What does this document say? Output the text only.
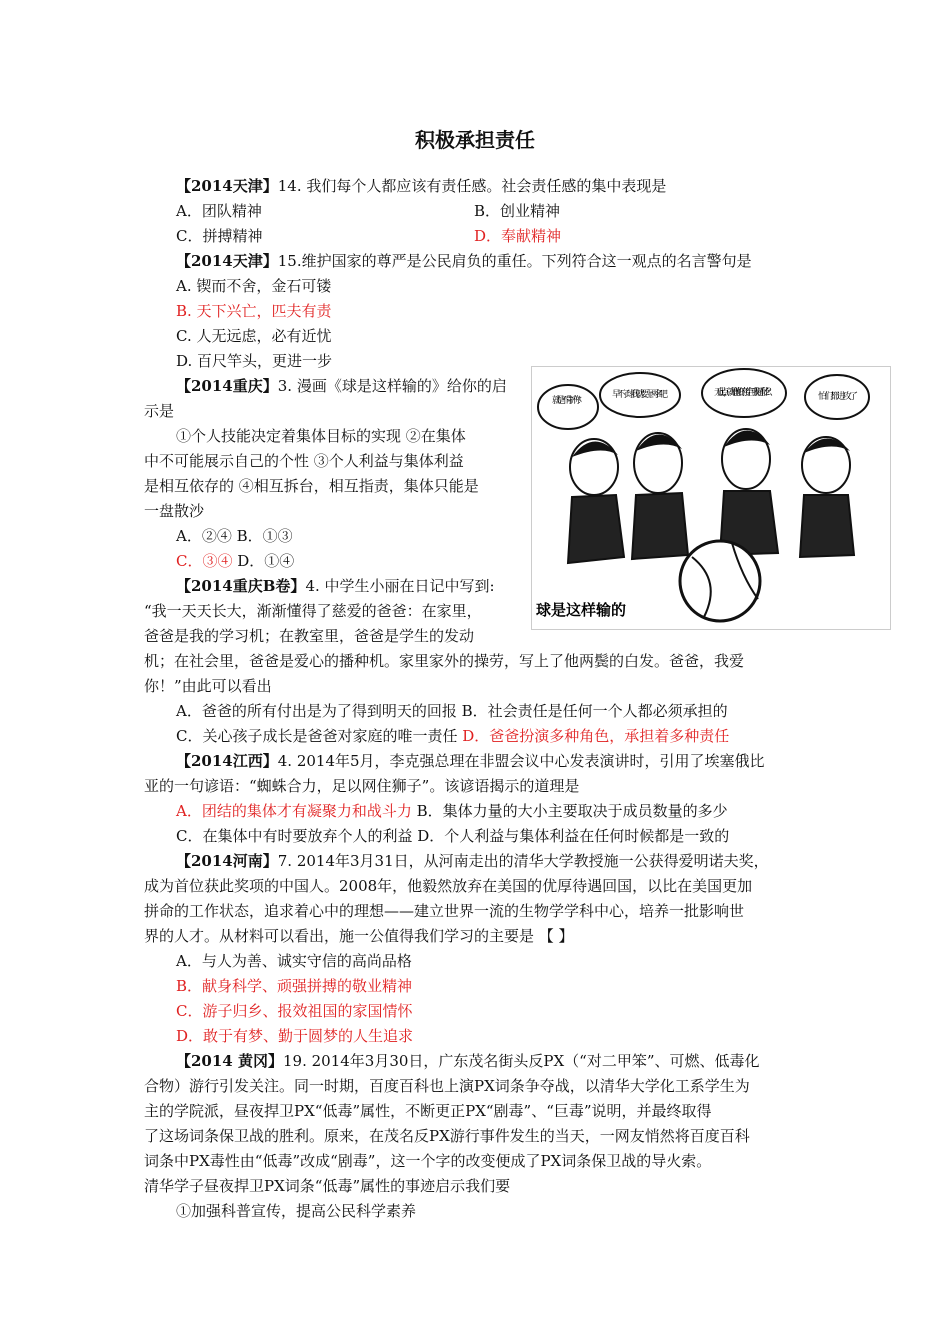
积极承担责任
【2014天津】14. 我们每个人都应该有责任感。社会责任感的集中表现是
A．团队精神	B．创业精神
C．拼搏精神	D．奉献精神
【2014天津】15.维护国家的尊严是公民肩负的重任。下列符合这一观点的名言警句是
A. 锲而不舍，金石可镂
B. 天下兴亡，匹夫有责
C. 人无远虑，必有近忧
D. 百尺竿头，更进一步
【2014重庆】3. 漫画《球是这样输的》给你的启
示是
①个人技能决定着集体目标的实现 ②在集体
中不可能展示自己的个性 ③个人利益与集体利益
是相互依存的 ④相互拆台，相互指责，集体只能是
一盘散沙
A．②④ B．①③
C．③④ D．①④
就是不肯护你！
早不了球我就要上两名吧	无此点，就是他们的传空门我们看什么？	怕们都进攻了
球是这样输的
【2014重庆B卷】4. 中学生小丽在日记中写到:
“我一天天长大，渐渐懂得了慈爱的爸爸：在家里，
爸爸是我的学习机；在教室里，爸爸是学生的发动
机；在社会里，爸爸是爱心的播种机。家里家外的操劳，写上了他两鬓的白发。爸爸，我爱
你！”由此可以看出
A．爸爸的所有付出是为了得到明天的回报 B．社会责任是任何一个人都必须承担的
C．关心孩子成长是爸爸对家庭的唯一责任 D．爸爸扮演多种角色，承担着多种责任
【2014江西】4. 2014年5月，李克强总理在非盟会议中心发表演讲时，引用了埃塞俄比
亚的一句谚语：“蜘蛛合力，足以网住狮子”。该谚语揭示的道理是
A．团结的集体才有凝聚力和战斗力 B．集体力量的大小主要取决于成员数量的多少
C．在集体中有时要放弃个人的利益 D．个人利益与集体利益在任何时候都是一致的
【2014河南】7. 2014年3月31日，从河南走出的清华大学教授施一公获得爱明诺夫奖，
成为首位获此奖项的中国人。2008年，他毅然放弃在美国的优厚待遇回国，以比在美国更加
拼命的工作状态，追求着心中的理想——建立世界一流的生物学学科中心，培养一批影响世
界的人才。从材料可以看出，施一公值得我们学习的主要是 【 】
A．与人为善、诚实守信的高尚品格
B．献身科学、顽强拼搏的敬业精神
C．游子归乡、报效祖国的家国情怀
D．敢于有梦、勤于圆梦的人生追求
【2014 黄冈】19. 2014年3月30日，广东茂名街头反PX（“对二甲笨”、可燃、低毒化
合物）游行引发关注。同一时期，百度百科也上演PX词条争夺战，以清华大学化工系学生为
主的学院派，昼夜捍卫PX“低毒”属性，不断更正PX“剧毒”、“巨毒”说明，并最终取得
了这场词条保卫战的胜利。原来，在茂名反PX游行事件发生的当天，一网友悄然将百度百科
词条中PX毒性由“低毒”改成“剧毒”，这一个字的改变便成了PX词条保卫战的导火索。
清华学子昼夜捍卫PX词条“低毒”属性的事迹启示我们要
①加强科普宣传，提高公民科学素养
